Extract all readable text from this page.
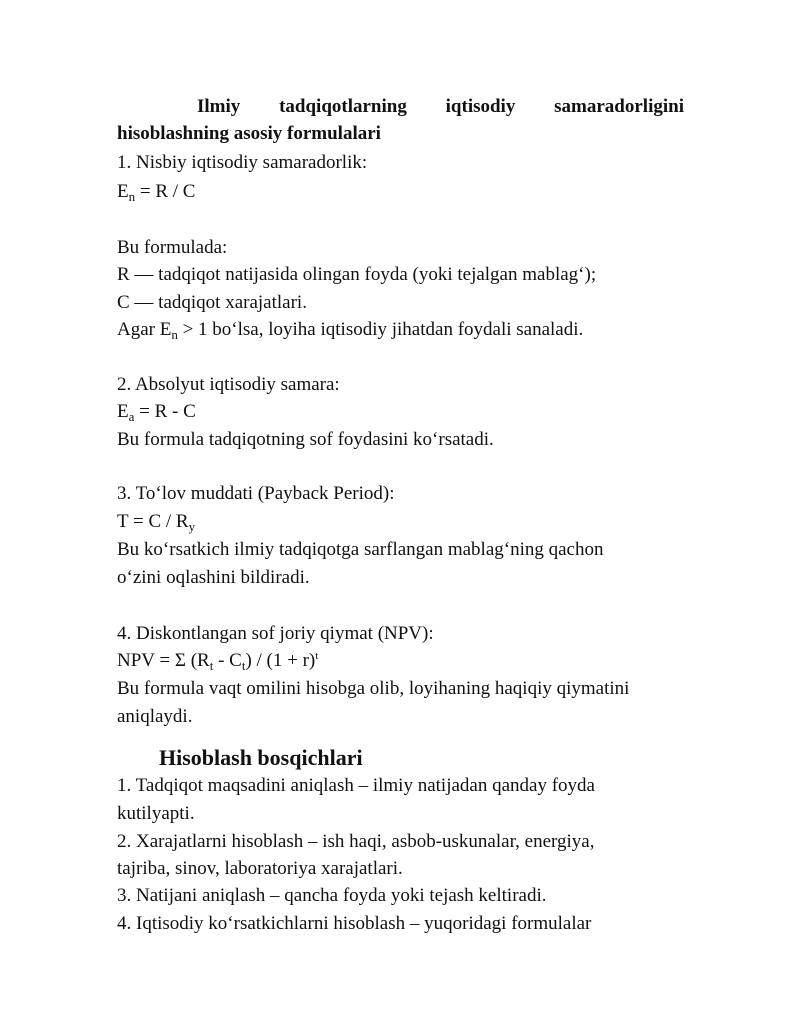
Ilmiy tadqiqotlarning iqtisodiy samaradorligini
hisoblashning asosiy formulalari
1. Nisbiy iqtisodiy samaradorlik:
$E_n = R / C$
Bu formulada:
R — tadqiqot natijasida olingan foyda (yoki tejalgan mablag‘);
C — tadqiqot xarajatlari.
Agar $E_n > 1$ bo‘lsa, loyiha iqtisodiy jihatdan foydali sanaladi.
2. Absolyut iqtisodiy samara:
$E_a = R - C$
Bu formula tadqiqotning sof foydasini ko‘rsatadi.
3. To‘lov muddati (Payback Period):
$T = C / R_y$
Bu ko‘rsatkich ilmiy tadqiqotga sarflangan mablag‘ning qachon
o‘zini oqlashini bildiradi.
4. Diskontlangan sof joriy qiymat (NPV):
NPV = Σ $(R_t - C_t) / (1 + r)^t$
Bu formula vaqt omilini hisobga olib, loyihaning haqiqiy qiymatini
aniqlaydi.
Hisoblash bosqichlari
1. Tadqiqot maqsadini aniqlash – ilmiy natijadan qanday foyda
kutilyapti.
2. Xarajatlarni hisoblash – ish haqi, asbob-uskunalar, energiya,
tajriba, sinov, laboratoriya xarajatlari.
3. Natijani aniqlash – qancha foyda yoki tejash keltiradi.
4. Iqtisodiy ko‘rsatkichlarni hisoblash – yuqoridagi formulalar
